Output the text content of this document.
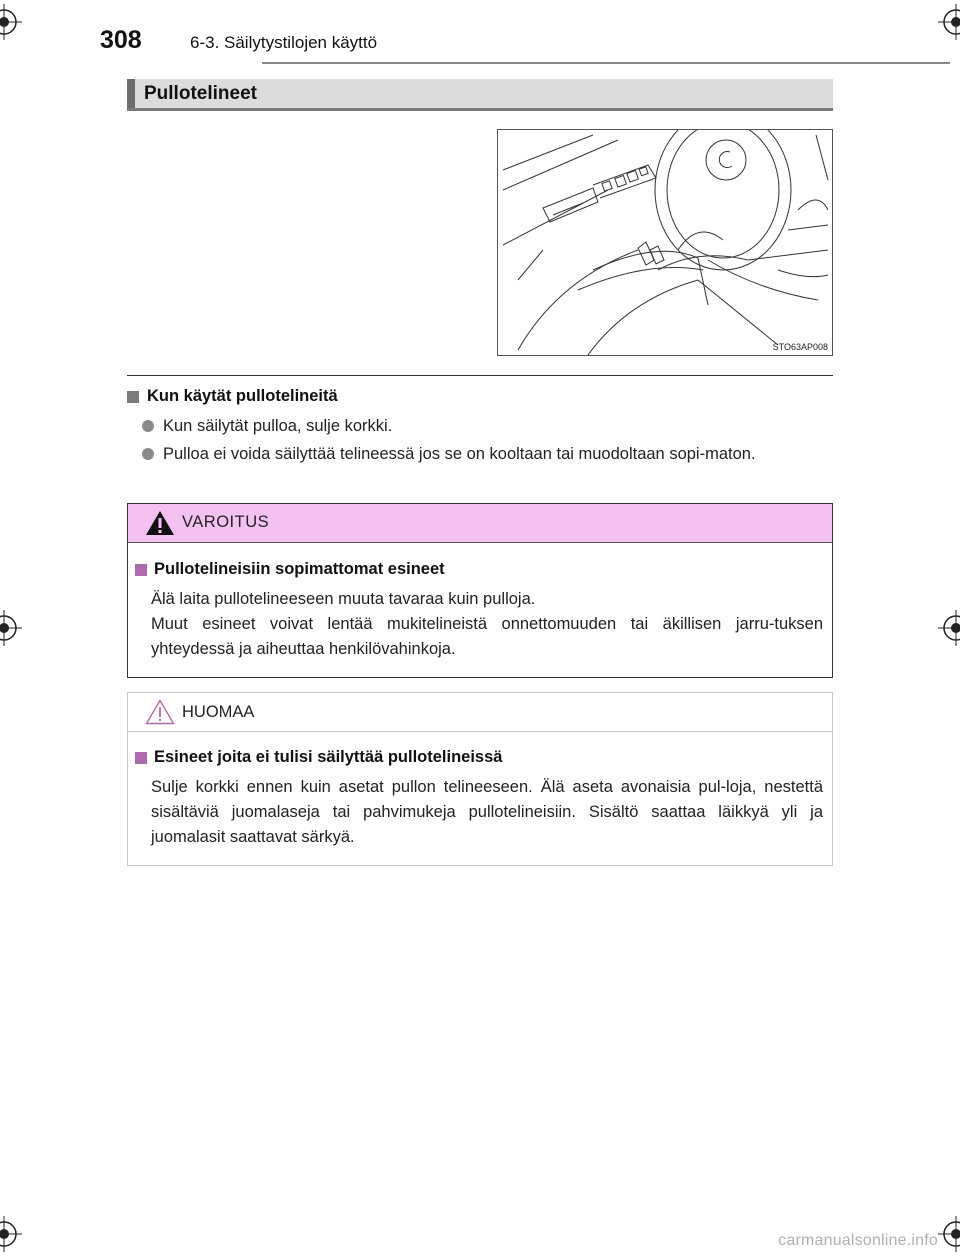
308	6-3. Säilytystilojen käyttö
Pullotelineet
STO63AP008
Kun käytät pullotelineitä
Kun säilytät pulloa, sulje korkki.
Pulloa ei voida säilyttää telineessä jos se on kooltaan tai muodoltaan sopi-maton.
VAROITUS
Pullotelineisiin sopimattomat esineet
Älä laita pullotelineeseen muuta tavaraa kuin pulloja.
Muut esineet voivat lentää mukitelineistä onnettomuuden tai äkillisen jarru-tuksen yhteydessä ja aiheuttaa henkilövahinkoja.
HUOMAA
Esineet joita ei tulisi säilyttää pullotelineissä
Sulje korkki ennen kuin asetat pullon telineeseen. Älä aseta avonaisia pul-loja, nestettä sisältäviä juomalaseja tai pahvimukeja pullotelineisiin. Sisältö saattaa läikkyä yli ja juomalasit saattavat särkyä.
carmanualsonline.info
